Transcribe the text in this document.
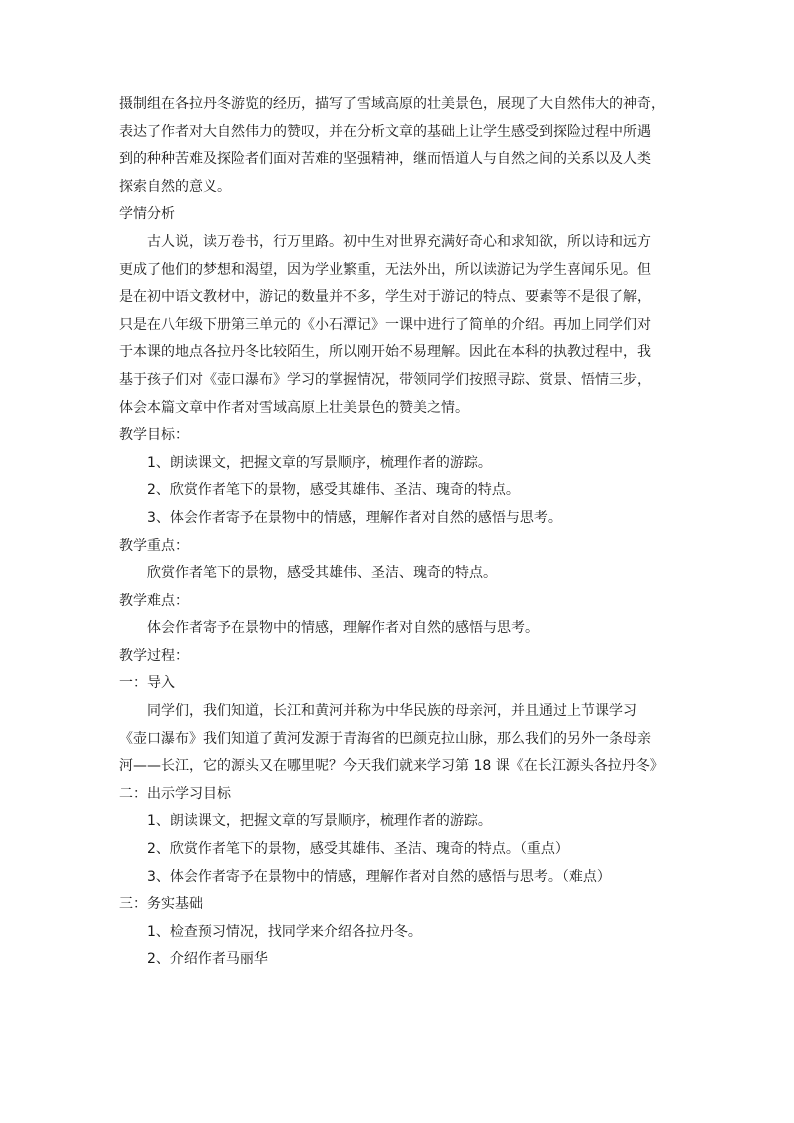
摄制组在各拉丹冬游览的经历，描写了雪域高原的壮美景色，展现了大自然伟大的神奇，
表达了作者对大自然伟力的赞叹，并在分析文章的基础上让学生感受到探险过程中所遇
到的种种苦难及探险者们面对苦难的坚强精神，继而悟道人与自然之间的关系以及人类
探索自然的意义。
学情分析
古人说，读万卷书，行万里路。初中生对世界充满好奇心和求知欲，所以诗和远方
更成了他们的梦想和渴望，因为学业繁重，无法外出，所以读游记为学生喜闻乐见。但
是在初中语文教材中，游记的数量并不多，学生对于游记的特点、要素等不是很了解，
只是在八年级下册第三单元的《小石潭记》一课中进行了简单的介绍。再加上同学们对
于本课的地点各拉丹冬比较陌生，所以刚开始不易理解。因此在本科的执教过程中，我
基于孩子们对《壶口瀑布》学习的掌握情况，带领同学们按照寻踪、赏景、悟情三步，
体会本篇文章中作者对雪域高原上壮美景色的赞美之情。
教学目标：
1、朗读课文，把握文章的写景顺序，梳理作者的游踪。
2、欣赏作者笔下的景物，感受其雄伟、圣洁、瑰奇的特点。
3、体会作者寄予在景物中的情感，理解作者对自然的感悟与思考。
教学重点：
欣赏作者笔下的景物，感受其雄伟、圣洁、瑰奇的特点。
教学难点：
体会作者寄予在景物中的情感，理解作者对自然的感悟与思考。
教学过程：
一：导入
同学们，我们知道，长江和黄河并称为中华民族的母亲河，并且通过上节课学习
《壶口瀑布》我们知道了黄河发源于青海省的巴颜克拉山脉，那么我们的另外一条母亲
河——长江，它的源头又在哪里呢？今天我们就来学习第 18 课《在长江源头各拉丹冬》
二：出示学习目标
1、朗读课文，把握文章的写景顺序，梳理作者的游踪。
2、欣赏作者笔下的景物，感受其雄伟、圣洁、瑰奇的特点。（重点）
3、体会作者寄予在景物中的情感，理解作者对自然的感悟与思考。（难点）
三：务实基础
1、检查预习情况，找同学来介绍各拉丹冬。
2、介绍作者马丽华
